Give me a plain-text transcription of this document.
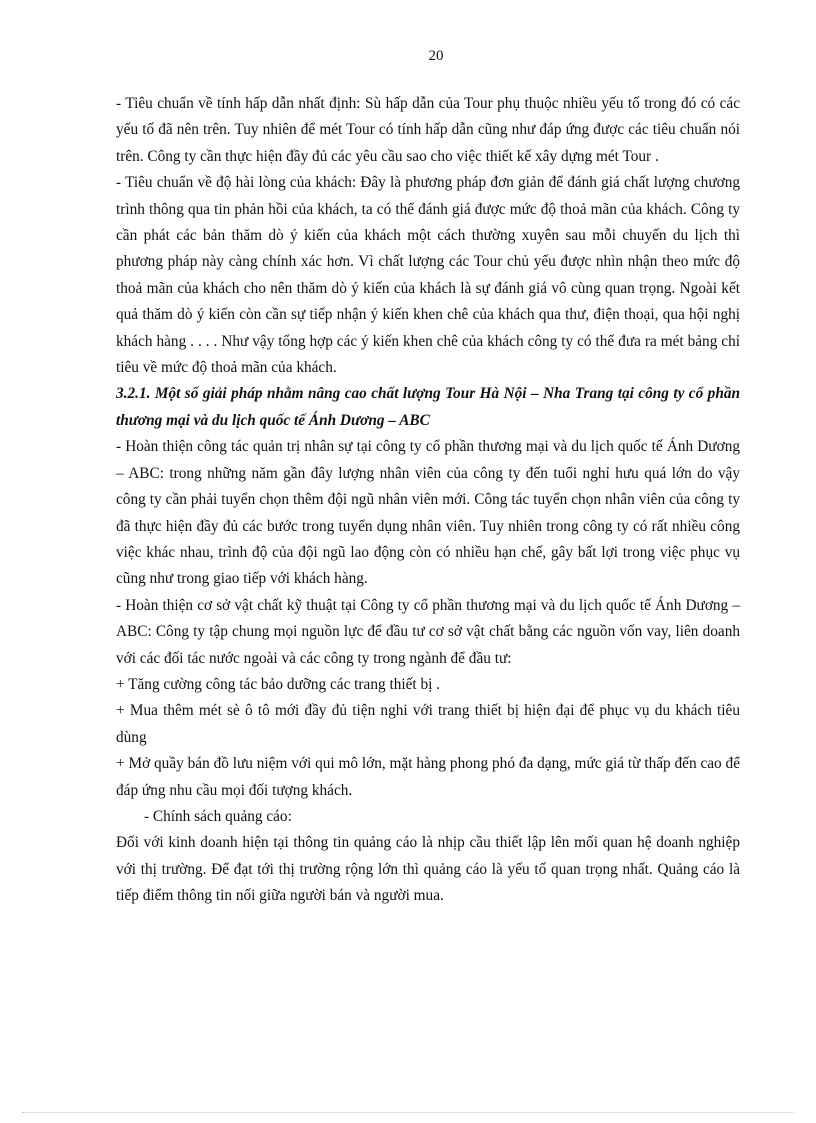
20

- Tiêu chuẩn về tính hấp dẫn nhất định: Sù hấp dẫn của Tour phụ thuộc nhiều yếu tố trong đó có các yếu tố đã nên trên. Tuy nhiên để mét Tour có tính hấp dẫn cũng như đáp ứng được các tiêu chuẩn nói trên. Công ty cần thực hiện đầy đủ các yêu cầu sao cho việc thiết kế xây dựng mét Tour .

- Tiêu chuẩn về độ hài lòng của khách: Đây là phương pháp đơn giản để đánh giá chất lượng chương trình thông qua tin phản hồi của khách, ta có thể đánh giá được mức độ thoả mãn của khách. Công ty cần phát các bản thăm dò ý kiến của khách một cách thường xuyên sau mỗi chuyến du lịch thì phương pháp này càng chính xác hơn. Vì chất lượng các Tour chủ yếu được nhìn nhận theo mức độ thoả mãn của khách cho nên thăm dò ý kiến của khách là sự đánh giá vô cùng quan trọng. Ngoài kết quả thăm dò ý kiến còn cần sự tiếp nhận ý kiến khen chê của khách qua thư, điện thoại, qua hội nghị khách hàng . . . . Như vậy tổng hợp các ý kiến khen chê của khách công ty có thể đưa ra mét bảng chỉ tiêu về mức độ thoả mãn của khách.

3.2.1. Một số giải pháp nhằm nâng cao chất lượng Tour Hà Nội – Nha Trang tại công ty cổ phần thương mại và du lịch quốc tế Ánh Dương – ABC

- Hoàn thiện công tác quản trị nhân sự tại công ty cổ phần thương mại và du lịch quốc tế Ánh Dương – ABC: trong những năm gần đây lượng nhân viên của công ty đến tuổi nghỉ hưu quá lớn do vậy công ty cần phải tuyển chọn thêm đội ngũ nhân viên mới. Công tác tuyển chọn nhân viên của công ty đã thực hiện đầy đủ các bước trong tuyển dụng nhân viên. Tuy nhiên trong công ty có rất nhiều công việc khác nhau, trình độ của đội ngũ lao động còn có nhiều hạn chế, gây bất lợi trong việc phục vụ cũng như trong giao tiếp với khách hàng.

- Hoàn thiện cơ sở vật chất kỹ thuật tại Công ty cổ phần thương mại và du lịch quốc tế Ánh Dương – ABC: Công ty tập chung mọi nguồn lực để đầu tư cơ sở vật chất bằng các nguồn vốn vay, liên doanh với các đối tác nước ngoài và các công ty trong ngành để đầu tư:

+ Tăng cường công tác bảo dưỡng các trang thiết bị .

+ Mua thêm mét sè ô tô mới đầy đủ tiện nghi với trang thiết bị hiện đại để phục vụ du khách tiêu dùng

+ Mở quầy bán đồ lưu niệm với qui mô lớn, mặt hàng phong phó đa dạng, mức giá từ thấp đến cao để đáp ứng nhu cầu mọi đối tượng khách.

- Chính sách quảng cáo:

Đối với kinh doanh hiện tại thông tin quảng cáo là nhịp cầu thiết lập lên mối quan hệ doanh nghiệp với thị trường. Để đạt tới thị trường rộng lớn thì quảng cáo là yếu tố quan trọng nhất. Quảng cáo là tiếp điểm thông tin nối giữa người bán và người mua.
